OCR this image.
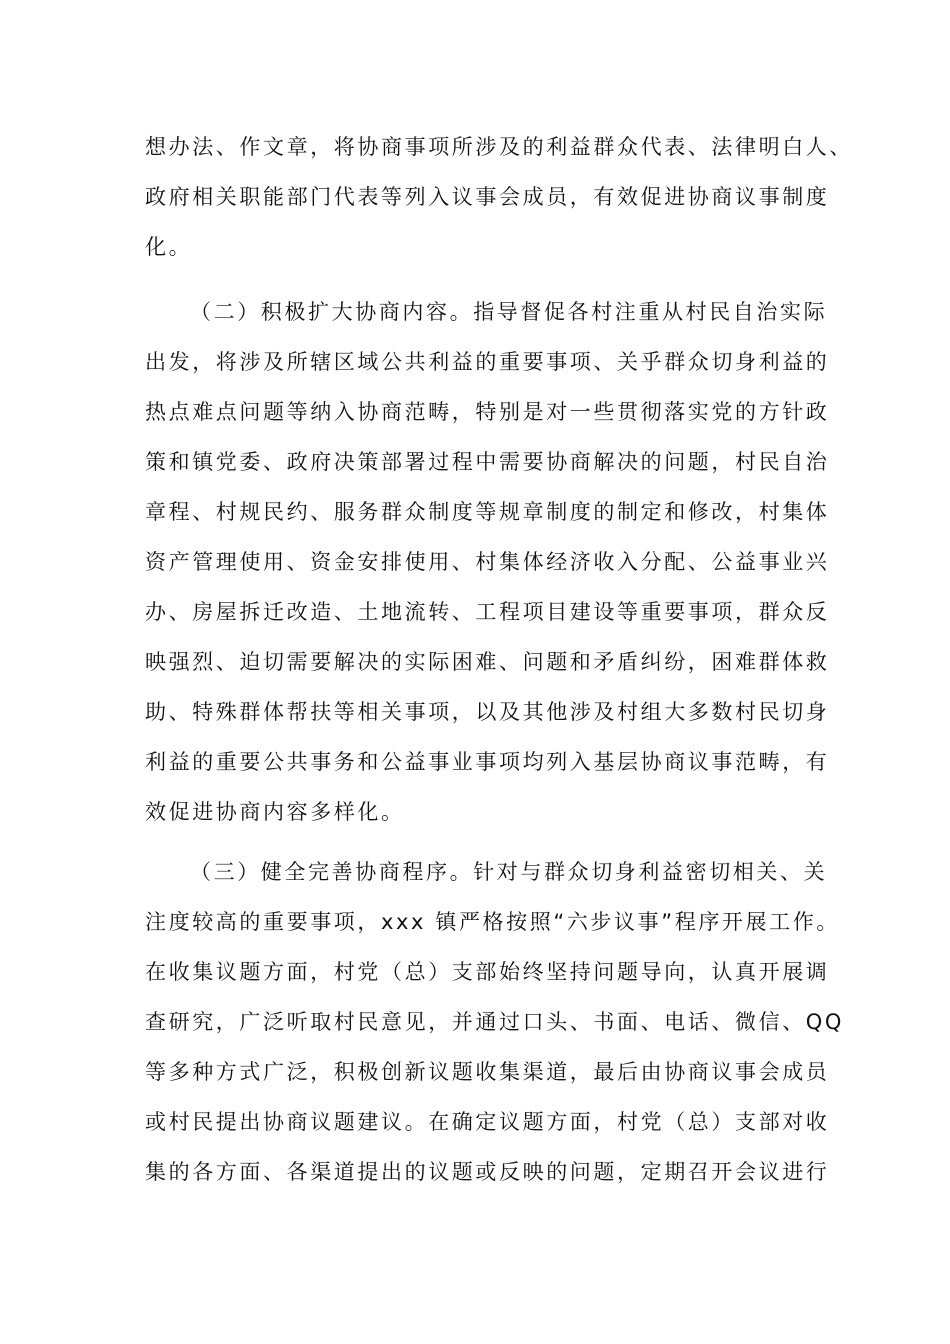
想办法、作文章，将协商事项所涉及的利益群众代表、法律明白人、
政府相关职能部门代表等列入议事会成员，有效促进协商议事制度
化。
（二）积极扩大协商内容。指导督促各村注重从村民自治实际
出发，将涉及所辖区域公共利益的重要事项、关乎群众切身利益的
热点难点问题等纳入协商范畴，特别是对一些贯彻落实党的方针政
策和镇党委、政府决策部署过程中需要协商解决的问题，村民自治
章程、村规民约、服务群众制度等规章制度的制定和修改，村集体
资产管理使用、资金安排使用、村集体经济收入分配、公益事业兴
办、房屋拆迁改造、土地流转、工程项目建设等重要事项，群众反
映强烈、迫切需要解决的实际困难、问题和矛盾纠纷，困难群体救
助、特殊群体帮扶等相关事项，以及其他涉及村组大多数村民切身
利益的重要公共事务和公益事业事项均列入基层协商议事范畴，有
效促进协商内容多样化。
（三）健全完善协商程序。针对与群众切身利益密切相关、关
注度较高的重要事项，xxx 镇严格按照“六步议事”程序开展工作。
在收集议题方面，村党（总）支部始终坚持问题导向，认真开展调
查研究，广泛听取村民意见，并通过口头、书面、电话、微信、QQ
等多种方式广泛，积极创新议题收集渠道，最后由协商议事会成员
或村民提出协商议题建议。在确定议题方面，村党（总）支部对收
集的各方面、各渠道提出的议题或反映的问题，定期召开会议进行
